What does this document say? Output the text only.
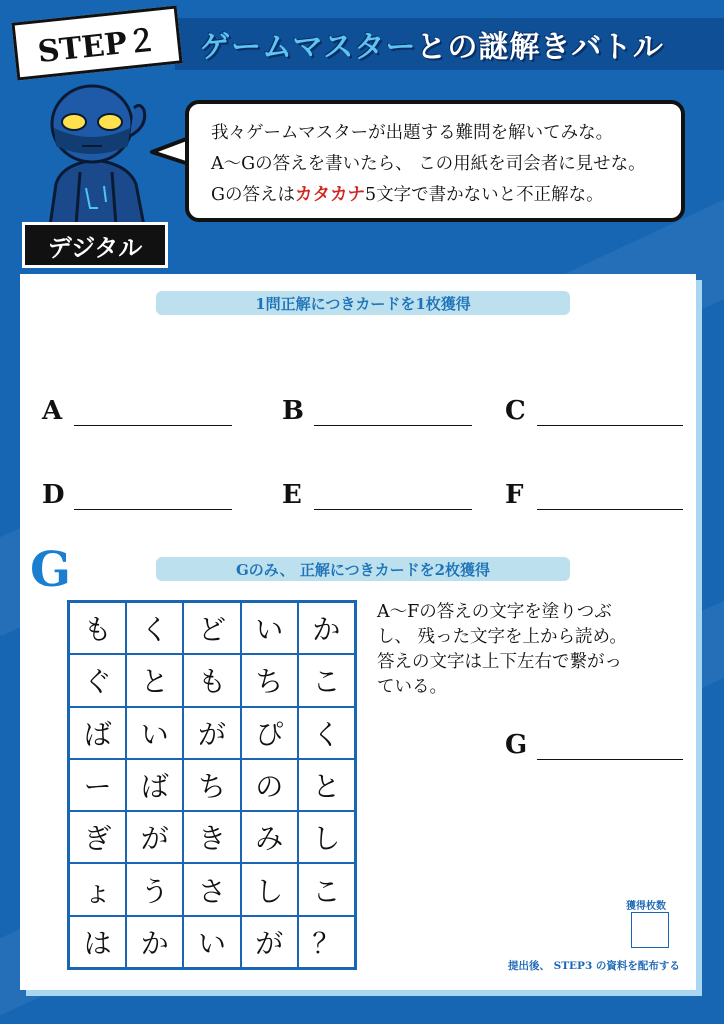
STEP２ ゲームマスターとの謎解きバトル
デジタル

我々ゲームマスターが出題する難問を解いてみな。

A～Gの答えを書いたら、 この用紙を司会者に見せな。

Gの答えはカタカナ5文字で書かないと不正解な。

1問正解につきカードを1枚獲得
A	B	C
D	E	F
G	Gのみ、 正解につきカードを2枚獲得
も	く	ど	い	か
ぐ	と	も	ち	こ
ば	い	が	ぴ	く
ー	ば	ち	の	と
ぎ	が	き	み	し
ょ	う	さ	し	こ
は	か	い	が	？

A～Fの答えの文字を塗りつぶ

し、 残った文字を上から読め。

答えの文字は上下左右で繋がっ

ている。

G
獲得枚数
提出後、 STEP3 の資料を配布する
